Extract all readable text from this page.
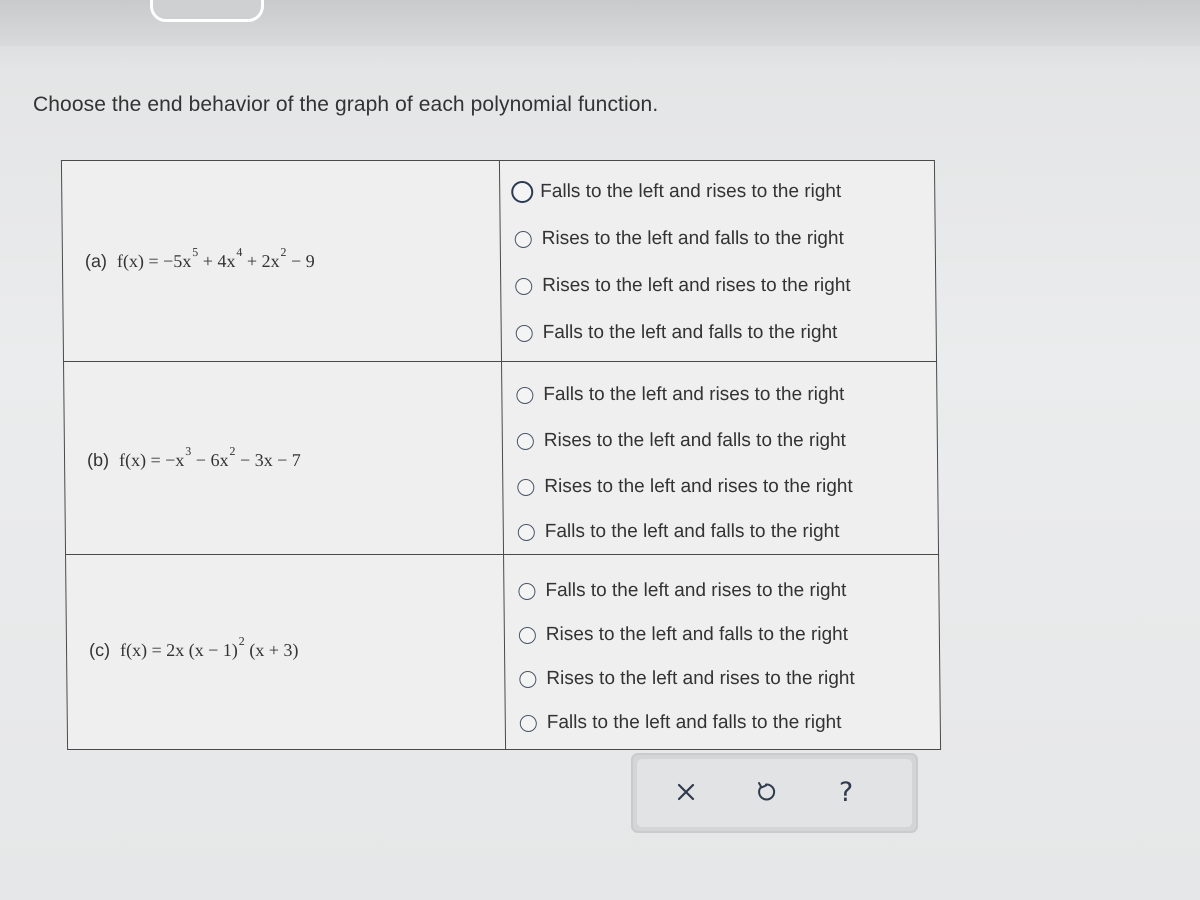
Choose the end behavior of the graph of each polynomial function.
(a) $f(x) = -5x^5 + 4x^4 + 2x^2 - 9$
Falls to the left and rises to the right
Rises to the left and falls to the right
Rises to the left and rises to the right
Falls to the left and falls to the right
(b) $f(x) = -x^3 - 6x^2 - 3x - 7$
Falls to the left and rises to the right
Rises to the left and falls to the right
Rises to the left and rises to the right
Falls to the left and falls to the right
(c) f(x) = 2x $(x - 1)^2$ (x + 3)
Falls to the left and rises to the right
Rises to the left and falls to the right
Rises to the left and rises to the right
Falls to the left and falls to the right
?
